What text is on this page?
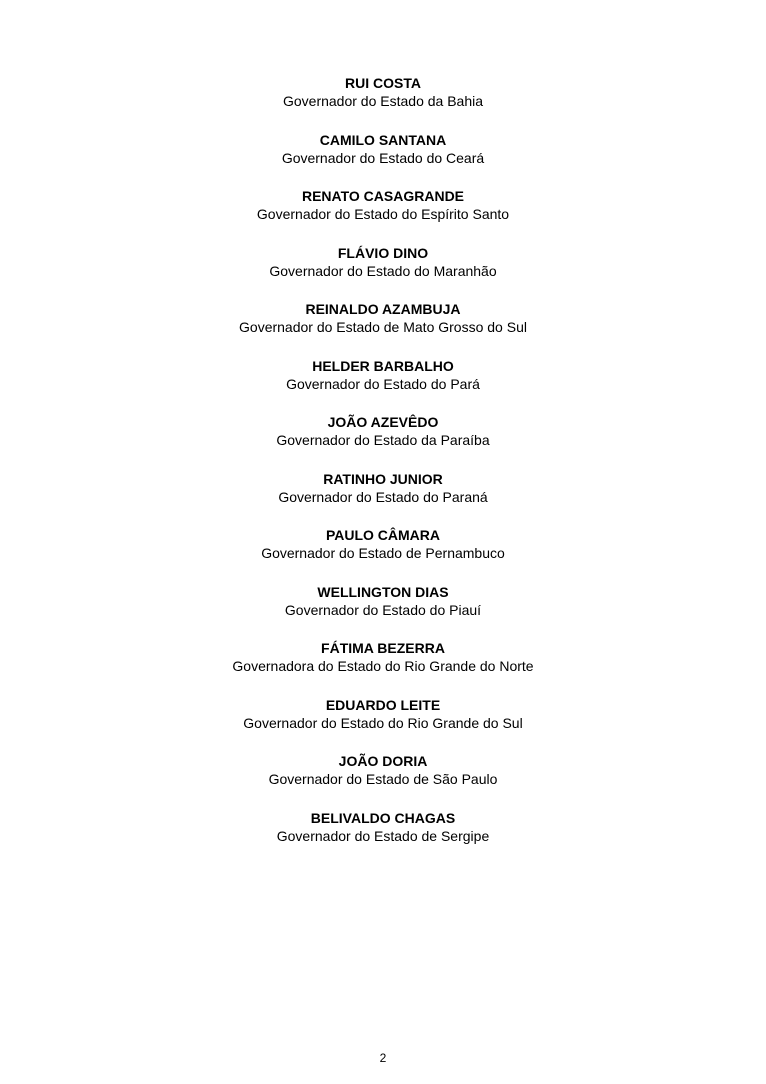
RUI COSTA
Governador do Estado da Bahia
CAMILO SANTANA
Governador do Estado do Ceará
RENATO CASAGRANDE
Governador do Estado do Espírito Santo
FLÁVIO DINO
Governador do Estado do Maranhão
REINALDO AZAMBUJA
Governador do Estado de Mato Grosso do Sul
HELDER BARBALHO
Governador do Estado do Pará
JOÃO AZEVÊDO
Governador do Estado da Paraíba
RATINHO JUNIOR
Governador do Estado do Paraná
PAULO CÂMARA
Governador do Estado de Pernambuco
WELLINGTON DIAS
Governador do Estado do Piauí
FÁTIMA BEZERRA
Governadora do Estado do Rio Grande do Norte
EDUARDO LEITE
Governador do Estado do Rio Grande do Sul
JOÃO DORIA
Governador do Estado de São Paulo
BELIVALDO CHAGAS
Governador do Estado de Sergipe
2
